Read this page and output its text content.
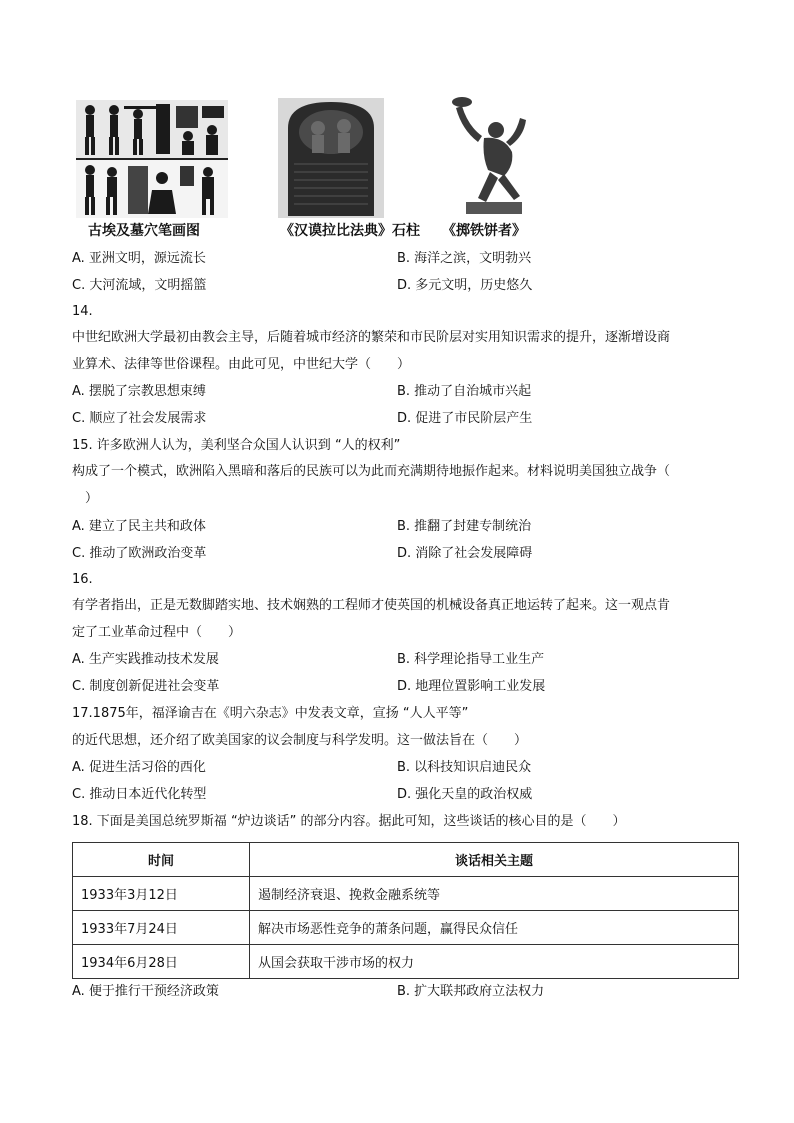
古埃及墓穴笔画图	《汉谟拉比法典》石柱 《掷铁饼者》
A. 亚洲文明，源远流长	B. 海洋之滨，文明勃兴
C. 大河流域，文明摇篮	D. 多元文明，历史悠久
14.
中世纪欧洲大学最初由教会主导，后随着城市经济的繁荣和市民阶层对实用知识需求的提升，逐渐增设商
业算术、法律等世俗课程。由此可见，中世纪大学（　　）
A. 摆脱了宗教思想束缚	B. 推动了自治城市兴起
C. 顺应了社会发展需求	D. 促进了市民阶层产生
15. 许多欧洲人认为，美利坚合众国人认识到 “人的权利”
构成了一个模式，欧洲陷入黑暗和落后的民族可以为此而充满期待地振作起来。材料说明美国独立战争（
　）
A. 建立了民主共和政体	B. 推翻了封建专制统治
C. 推动了欧洲政治变革	D. 消除了社会发展障碍
16.
有学者指出，正是无数脚踏实地、技术娴熟的工程师才使英国的机械设备真正地运转了起来。这一观点肯
定了工业革命过程中（　　）
A. 生产实践推动技术发展	B. 科学理论指导工业生产
C. 制度创新促进社会变革	D. 地理位置影响工业发展
17.1875年，福泽谕吉在《明六杂志》中发表文章，宣扬 “人人平等”
的近代思想，还介绍了欧美国家的议会制度与科学发明。这一做法旨在（　　）
A. 促进生活习俗的西化	B. 以科技知识启迪民众
C. 推动日本近代化转型	D. 强化天皇的政治权威
18. 下面是美国总统罗斯福 “炉边谈话” 的部分内容。据此可知，这些谈话的核心目的是（　　）
时间	谈话相关主题
1933年3月12日	遏制经济衰退、挽救金融系统等
1933年7月24日	解决市场恶性竞争的萧条问题，赢得民众信任
1934年6月28日	从国会获取干涉市场的权力
A. 便于推行干预经济政策	B. 扩大联邦政府立法权力
